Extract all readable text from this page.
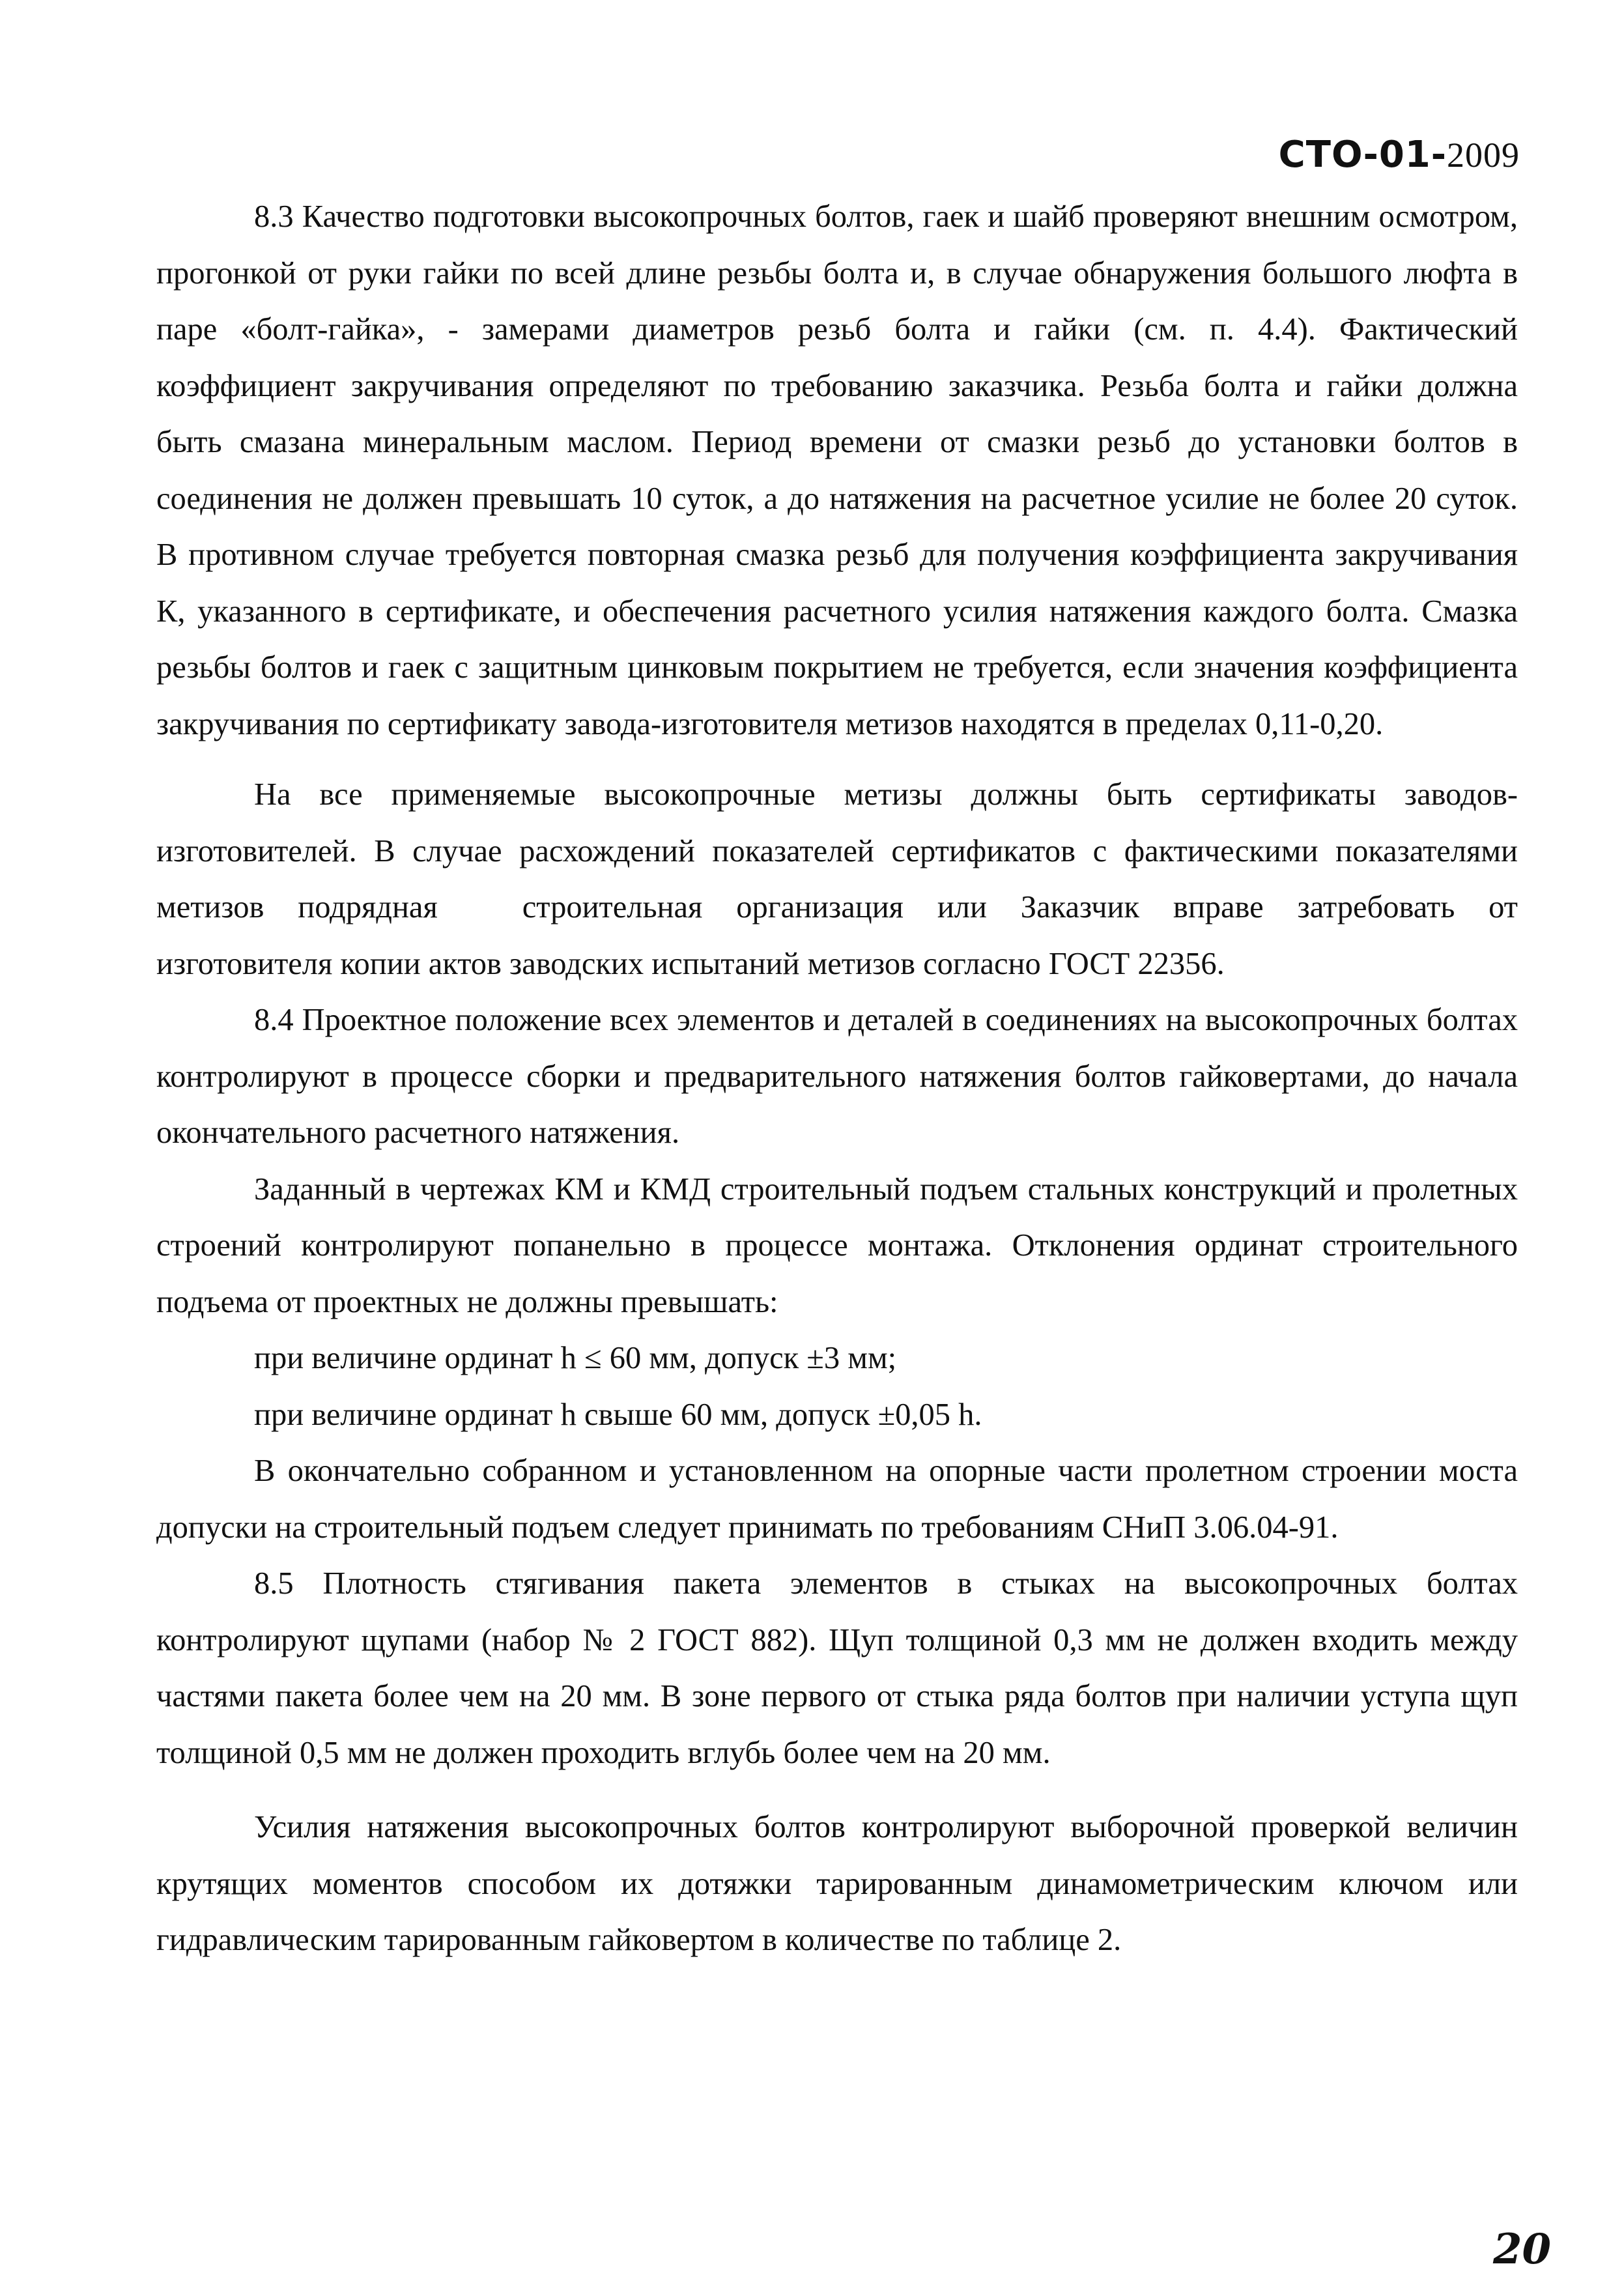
СТО-01-2009

8.3 Качество подготовки высокопрочных болтов, гаек и шайб проверяют внешним осмотром, прогонкой от руки гайки по всей длине резьбы болта и, в случае обнаружения большого люфта в паре «болт-гайка», - замерами диаметров резьб болта и гайки (см. п. 4.4). Фактический коэффициент закручивания определяют по требованию заказчика. Резьба болта и гайки должна быть смазана минеральным маслом. Период времени от смазки резьб до установки болтов в соединения не должен превышать 10 суток, а до натяжения на расчетное усилие не более 20 суток. В противном случае требуется повторная смазка резьб для получения коэффициента закручивания К, указанного в сертификате, и обеспечения расчетного усилия натяжения каждого болта. Смазка резьбы болтов и гаек с защитным цинковым покрытием не требуется, если значения коэффициента закручивания по сертификату завода-изготовителя метизов находятся в пределах 0,11-0,20.

На все применяемые высокопрочные метизы должны быть сертификаты заводов-изготовителей. В случае расхождений показателей сертификатов с фактическими показателями метизов подрядная	строительная организация или Заказчик вправе затребовать от изготовителя копии актов заводских испытаний метизов согласно ГОСТ 22356.

8.4 Проектное положение всех элементов и деталей в соединениях на высокопрочных болтах контролируют в процессе сборки и предварительного натяжения болтов гайковертами, до начала окончательного расчетного натяжения.

Заданный в чертежах КМ и КМД строительный подъем стальных конструкций и пролетных строений контролируют попанельно в процессе монтажа. Отклонения ординат строительного подъема от проектных не должны превышать:

при величине ординат h ≤ 60 мм, допуск ±3 мм;

при величине ординат h свыше 60 мм, допуск ±0,05 h.

В окончательно собранном и установленном на опорные части пролетном строении моста допуски на строительный подъем следует принимать по требованиям СНиП 3.06.04-91.

8.5 Плотность стягивания пакета элементов в стыках на высокопрочных болтах контролируют щупами (набор № 2 ГОСТ 882). Щуп толщиной 0,3 мм не должен входить между частями пакета более чем на 20 мм. В зоне первого от стыка ряда болтов при наличии уступа щуп толщиной 0,5 мм не должен проходить вглубь более чем на 20 мм.

Усилия натяжения высокопрочных болтов контролируют выборочной проверкой величин крутящих моментов способом их дотяжки тарированным динамометрическим ключом или гидравлическим тарированным гайковертом в количестве по таблице 2.

20
